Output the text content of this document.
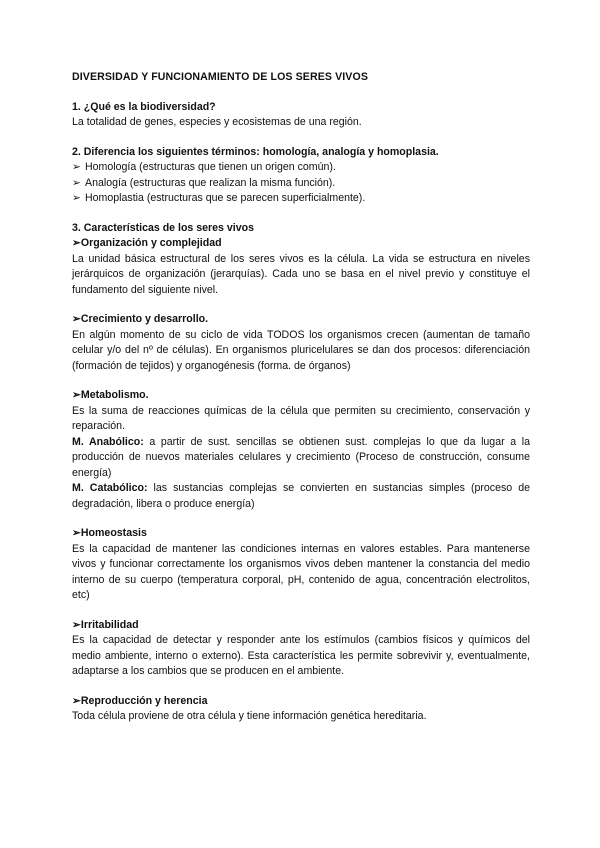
DIVERSIDAD Y FUNCIONAMIENTO DE LOS SERES VIVOS

1. ¿Qué es la biodiversidad?

La totalidad de genes, especies y ecosistemas de una región.

2. Diferencia los siguientes términos: homología, analogía y homoplasia.

➢ Homología (estructuras que tienen un origen común).

➢ Analogía (estructuras que realizan la misma función).

➢ Homoplastia (estructuras que se parecen superficialmente).

3. Características de los seres vivos

➢Organización y complejidad

La unidad básica estructural de los seres vivos es la célula. La vida se estructura en niveles jerárquicos de organización (jerarquías). Cada uno se basa en el nivel previo y constituye el fundamento del siguiente nivel.

➢Crecimiento y desarrollo.

En algún momento de su ciclo de vida TODOS los organismos crecen (aumentan de tamaño celular y/o del nº de células). En organismos pluricelulares se dan dos procesos: diferenciación (formación de tejidos) y organogénesis (forma. de órganos)

➢Metabolismo.

Es la suma de reacciones químicas de la célula que permiten su crecimiento, conservación y reparación.

M. Anabólico: a partir de sust. sencillas se obtienen sust. complejas lo que da lugar a la producción de nuevos materiales celulares y crecimiento (Proceso de construcción, consume energía)

M. Catabólico: las sustancias complejas se convierten en sustancias simples (proceso de degradación, libera o produce energía)

➢Homeostasis

Es la capacidad de mantener las condiciones internas en valores estables. Para mantenerse vivos y funcionar correctamente los organismos vivos deben mantener la constancia del medio interno de su cuerpo (temperatura corporal, pH, contenido de agua, concentración electrolitos, etc)

➢Irritabilidad

Es la capacidad de detectar y responder ante los estímulos (cambios físicos y químicos del medio ambiente, interno o externo). Esta característica les permite sobrevivir y, eventualmente, adaptarse a los cambios que se producen en el ambiente.

➢Reproducción y herencia

Toda célula proviene de otra célula y tiene información genética hereditaria.
